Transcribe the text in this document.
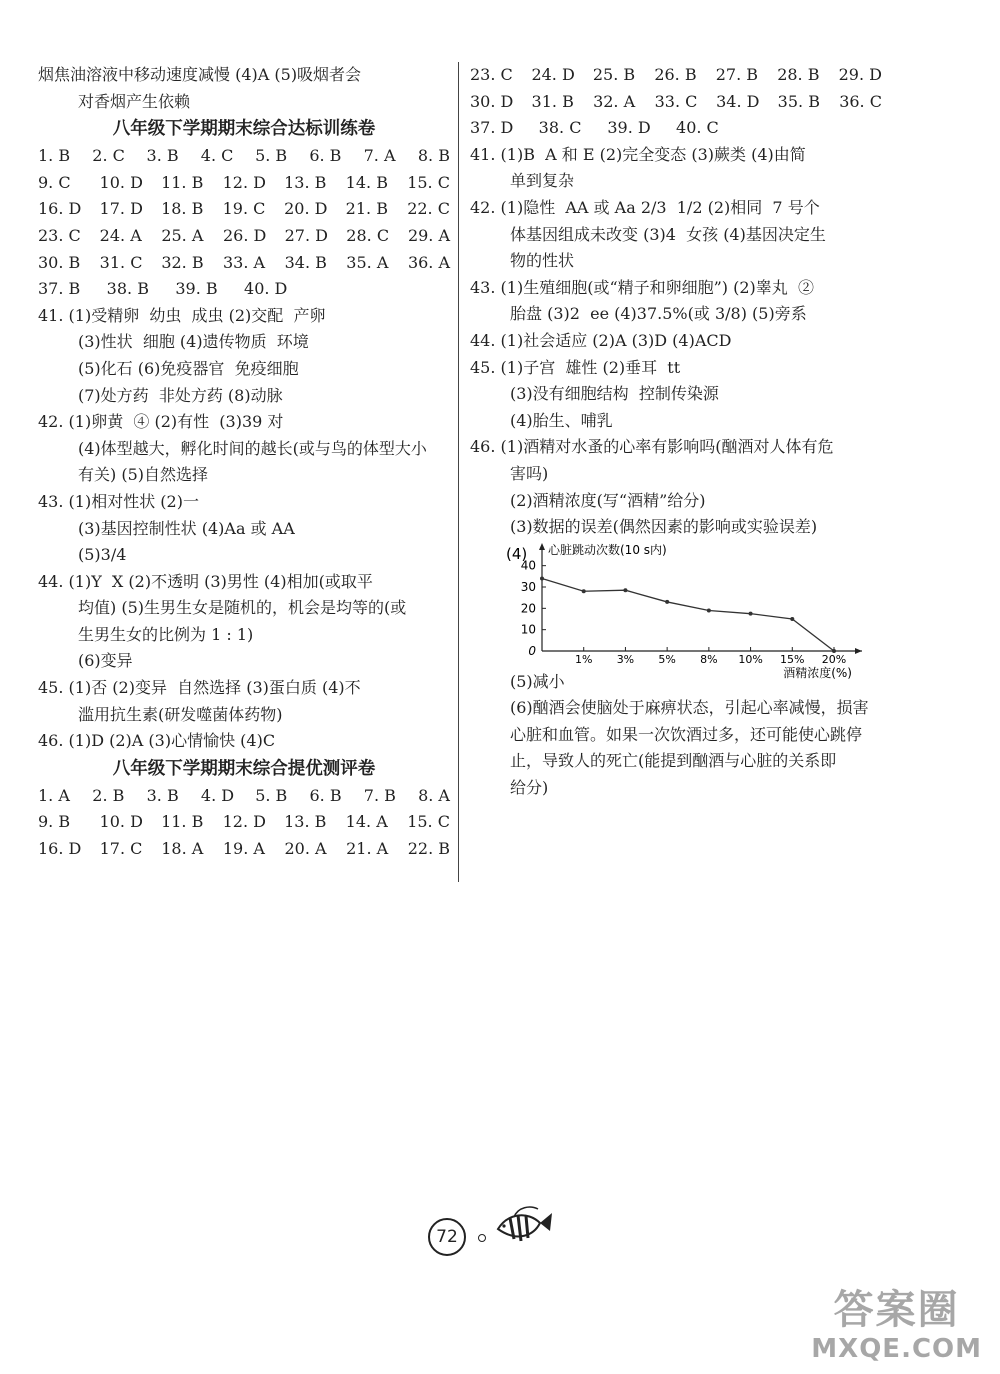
烟焦油溶液中移动速度减慢 (4)A (5)吸烟者会
对香烟产生依赖
八年级下学期期末综合达标训练卷
1. B	2. C	3. B	4. C	5. B	6. B	7. A	8. B
9. C	10. D	11. B	12. D	13. B	14. B	15. C
16. D	17. D	18. B	19. C	20. D	21. B	22. C
23. C	24. A	25. A	26. D	27. D	28. C	29. A
30. B	31. C	32. B	33. A	34. B	35. A	36. A
37. B	38. B	39. B	40. D
41. (1)受精卵  幼虫  成虫 (2)交配  产卵
(3)性状  细胞 (4)遗传物质  环境
(5)化石 (6)免疫器官  免疫细胞
(7)处方药  非处方药 (8)动脉
42. (1)卵黄  ④ (2)有性  (3)39 对
(4)体型越大，孵化时间的越长(或与鸟的体型大小
有关) (5)自然选择
43. (1)相对性状 (2)一
(3)基因控制性状 (4)Aa 或 AA
(5)3/4
44. (1)Y  X (2)不透明 (3)男性 (4)相加(或取平
均值) (5)生男生女是随机的，机会是均等的(或
生男生女的比例为 1 : 1)
(6)变异
45. (1)否 (2)变异  自然选择 (3)蛋白质 (4)不
滥用抗生素(研发噬菌体药物)
46. (1)D (2)A (3)心情愉快 (4)C
八年级下学期期末综合提优测评卷
1. A	2. B	3. B	4. D	5. B	6. B	7. B	8. A
9. B	10. D	11. B	12. D	13. B	14. A	15. C
16. D	17. C	18. A	19. A	20. A	21. A	22. B
23. C	24. D	25. B	26. B	27. B	28. B	29. D
30. D	31. B	32. A	33. C	34. D	35. B	36. C
37. D	38. C	39. D	40. C
41. (1)B  A 和 E (2)完全变态 (3)蕨类 (4)由简
单到复杂
42. (1)隐性  AA 或 Aa 2/3  1/2 (2)相同  7 号个
体基因组成未改变 (3)4  女孩 (4)基因决定生
物的性状
43. (1)生殖细胞(或“精子和卵细胞”) (2)睾丸  ②
胎盘 (3)2  ee (4)37.5%(或 3/8) (5)旁系
44. (1)社会适应 (2)A (3)D (4)ACD
45. (1)子宫  雄性 (2)垂耳  tt
(3)没有细胞结构  控制传染源
(4)胎生、哺乳
46. (1)酒精对水蚤的心率有影响吗(酗酒对人体有危
害吗)
(2)酒精浓度(写“酒精”给分)
(3)数据的误差(偶然因素的影响或实验误差)
(4) 心脏跳动次数(10 s内)
酒精浓度(%)
0
10
20
30
40
1% 3% 5% 8% 10% 15% 20%
(5)减小
(6)酗酒会使脑处于麻痹状态，引起心率减慢，损害
心脏和血管。如果一次饮酒过多，还可能使心跳停
止，导致人的死亡(能提到酗酒与心脏的关系即
给分)
72
答案圈
MXQE.COM
